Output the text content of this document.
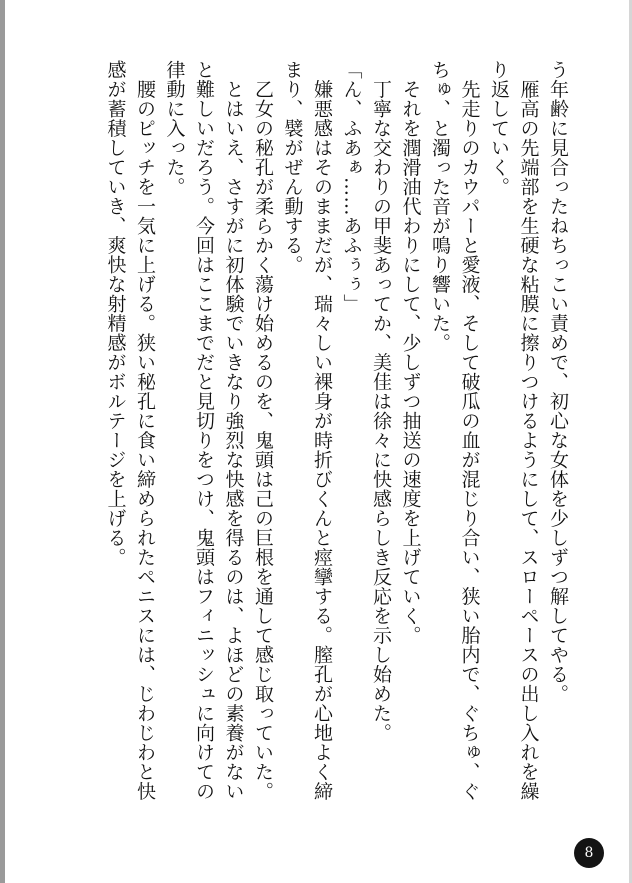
う年齢に見合ったねちっこい責めで、初心な女体を少しずつ解してやる。

　雁高の先端部を生硬な粘膜に擦りつけるようにして、スローペースの出し入れを繰

り返していく。

　先走りのカウパーと愛液、そして破瓜の血が混じり合い、狭い胎内で、ぐちゅ、ぐ

ちゅ、と濁った音が鳴り響いた。

　それを潤滑油代わりにして、少しずつ抽送の速度を上げていく。

　丁寧な交わりの甲斐あってか、美佳は徐々に快感らしき反応を示し始めた。

「ん、ふあぁ……あふぅぅ」

　嫌悪感はそのままだが、瑞々しい裸身が時折びくんと痙攣する。膣孔が心地よく締

まり、襞がぜん動する。

　乙女の秘孔が柔らかく蕩け始めるのを、鬼頭は己の巨根を通して感じ取っていた。

　とはいえ、さすがに初体験でいきなり強烈な快感を得るのは、よほどの素養がない

と難しいだろう。今回はここまでだと見切りをつけ、鬼頭はフィニッシュに向けての

律動に入った。

　腰のピッチを一気に上げる。狭い秘孔に食い締められたペニスには、じわじわと快

感が蓄積していき、爽快な射精感がボルテージを上げる。

8
